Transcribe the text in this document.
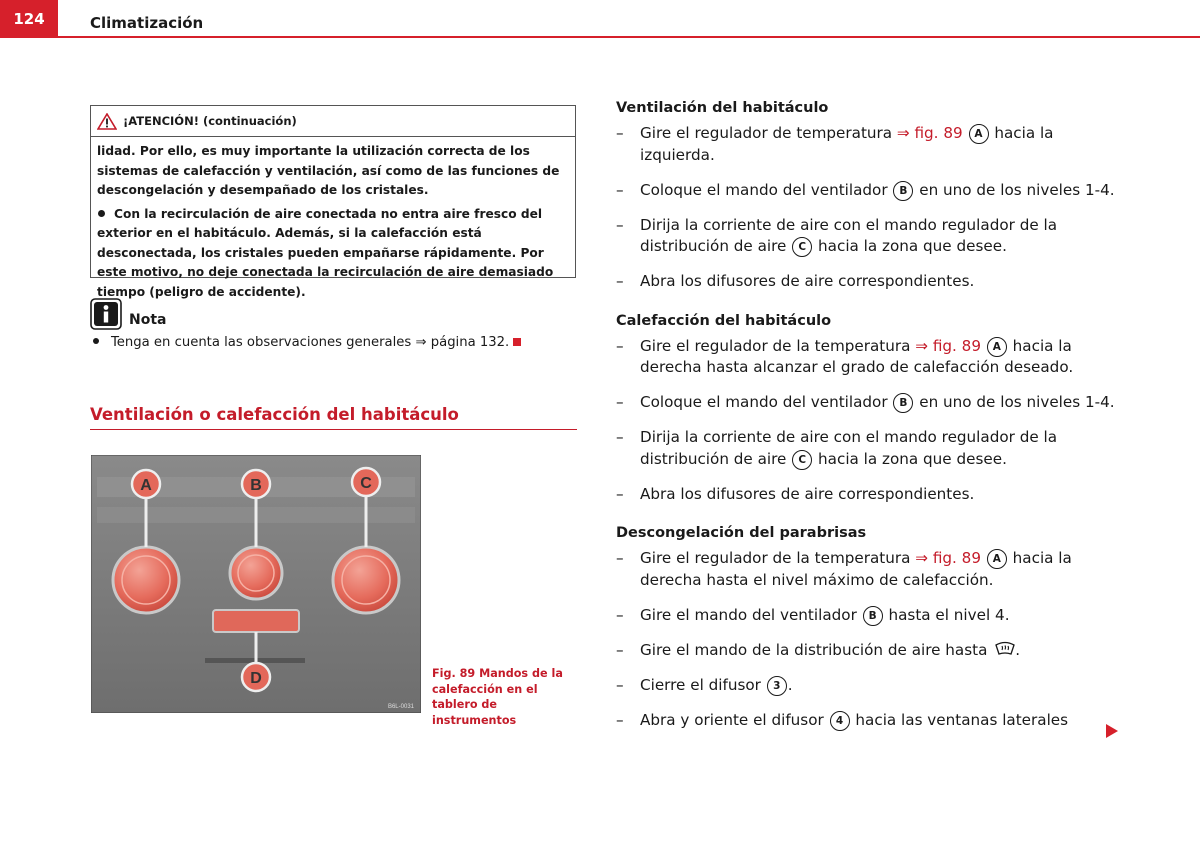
124	Climatización
¡ATENCIÓN! (continuación)

lidad. Por ello, es muy importante la utilización correcta de los sistemas de calefacción y ventilación, así como de las funciones de descongelación y desempañado de los cristales.

Con la recirculación de aire conectada no entra aire fresco del exterior en el habitáculo. Además, si la calefacción está desconectada, los cristales pueden empañarse rápidamente. Por este motivo, no deje conectada la recirculación de aire demasiado tiempo (peligro de accidente).

Nota
Tenga en cuenta las observaciones generales ⇒ página 132.
Ventilación o calefacción del habitáculo
A	B	C
D
B6L-0031
Fig. 89 Mandos de la calefacción en el tablero de instrumentos
Ventilación del habitáculo
– Gire el regulador de temperatura ⇒ fig. 89 A hacia la izquierda.
– Coloque el mando del ventilador B en uno de los niveles 1-4.
– Dirija la corriente de aire con el mando regulador de la distribución de aire C hacia la zona que desee.
– Abra los difusores de aire correspondientes.
Calefacción del habitáculo
– Gire el regulador de la temperatura ⇒ fig. 89 A hacia la derecha hasta alcanzar el grado de calefacción deseado.
– Coloque el mando del ventilador B en uno de los niveles 1-4.
– Dirija la corriente de aire con el mando regulador de la distribución de aire C hacia la zona que desee.
– Abra los difusores de aire correspondientes.
Descongelación del parabrisas
– Gire el regulador de la temperatura ⇒ fig. 89 A hacia la derecha hasta el nivel máximo de calefacción.
– Gire el mando del ventilador B hasta el nivel 4.
– Gire el mando de la distribución de aire hasta .
– Cierre el difusor 3 .
– Abra y oriente el difusor 4 hacia las ventanas laterales
